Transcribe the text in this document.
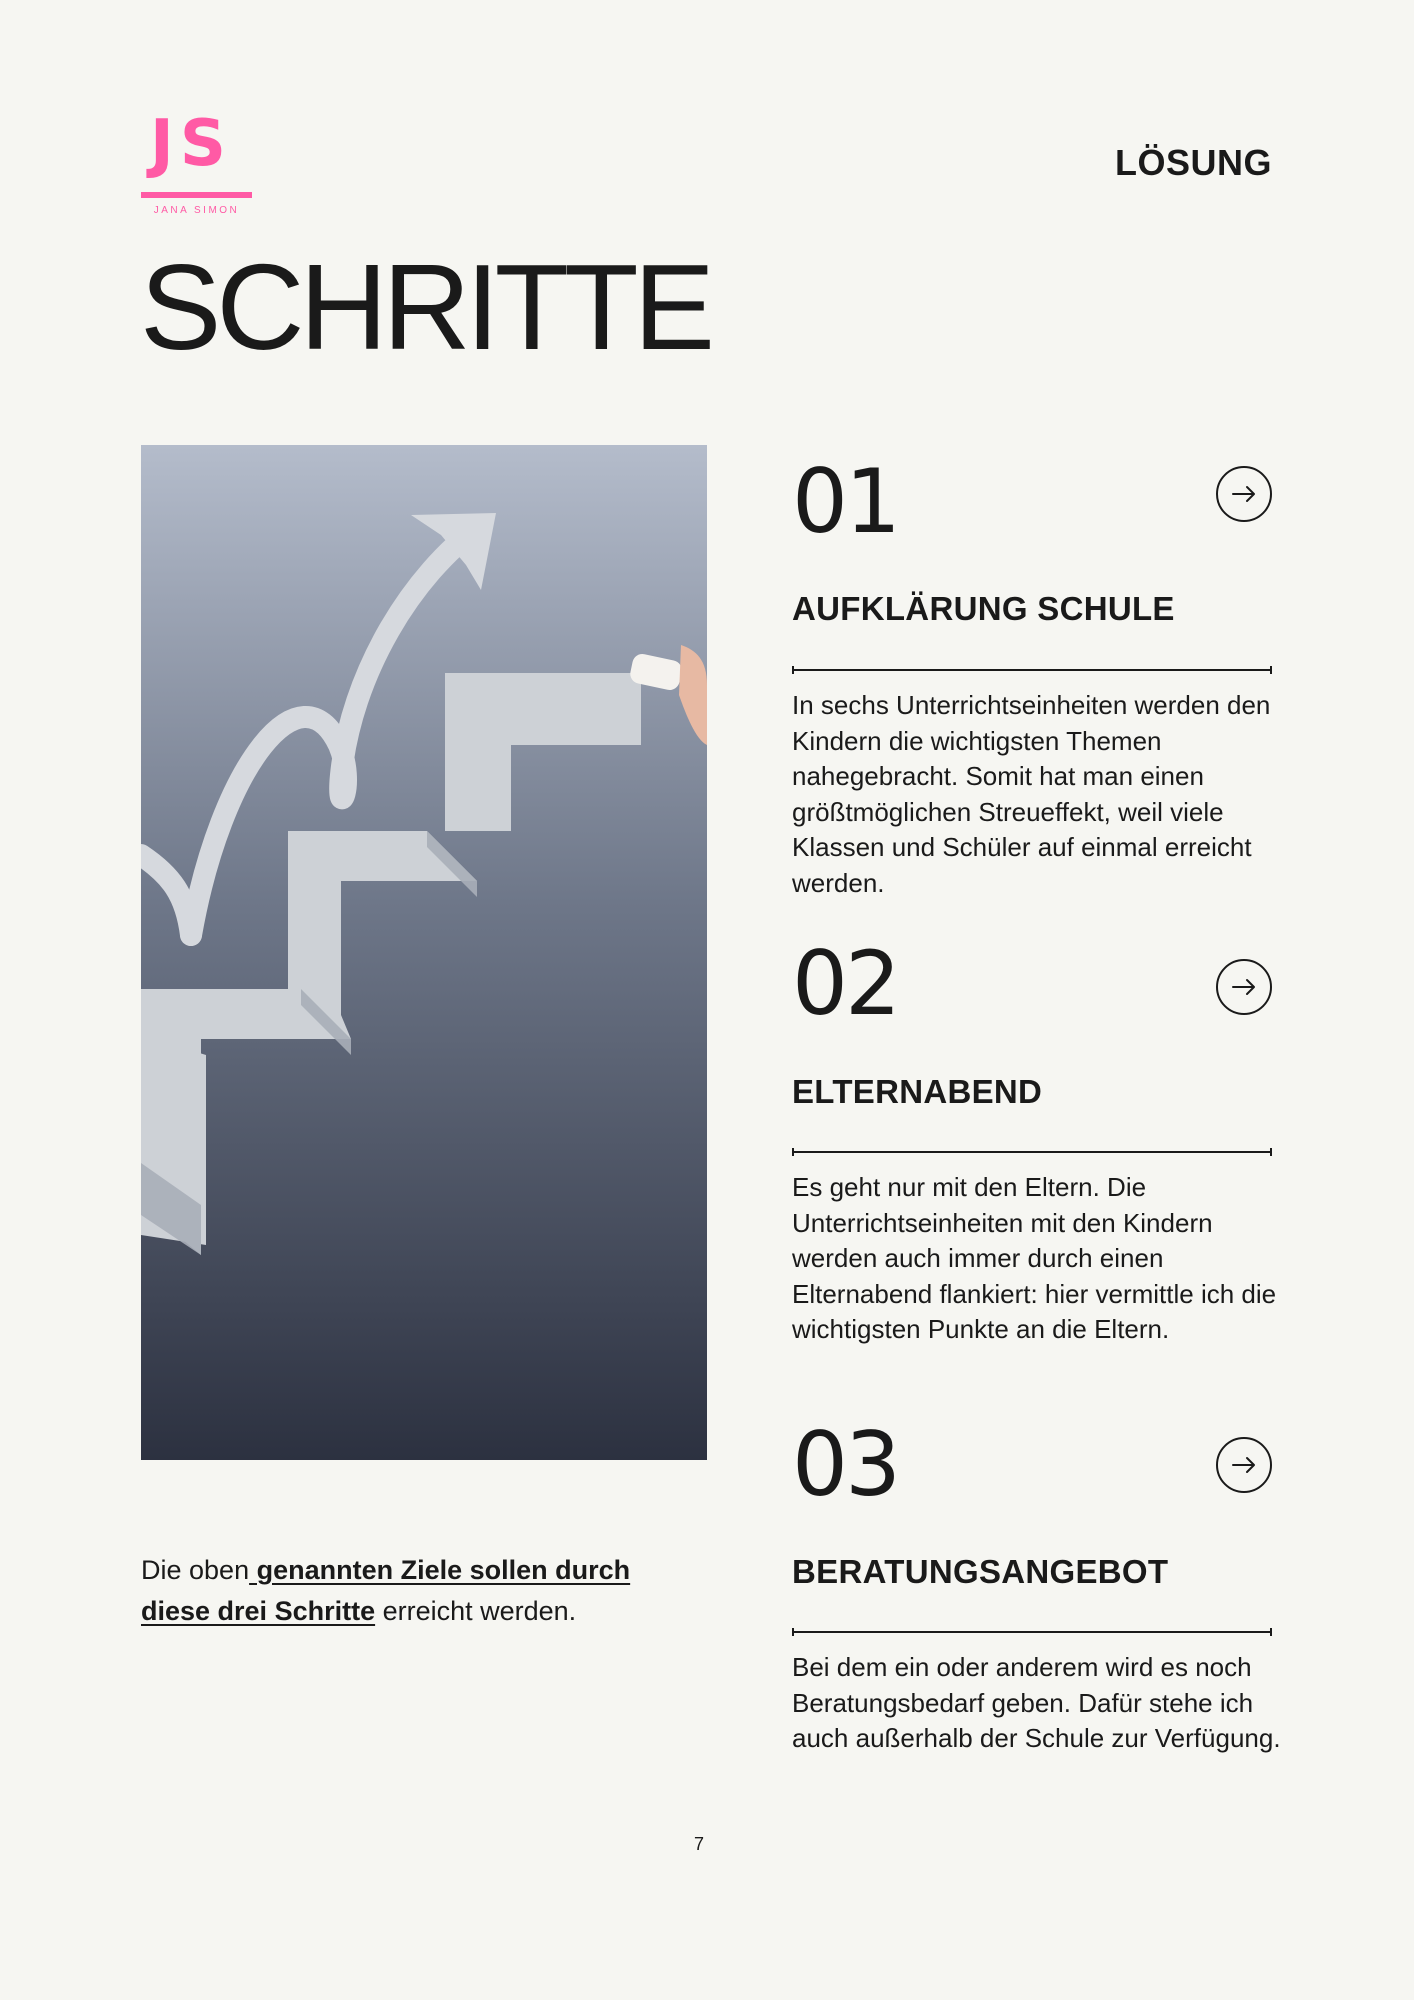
JS
JANA SIMON
LÖSUNG
SCHRITTE
Die oben genannten Ziele sollen durch diese drei Schritte erreicht werden.
01
AUFKLÄRUNG SCHULE
In sechs Unterrichtseinheiten werden den Kindern die wichtigsten Themen nahegebracht. Somit hat man einen größtmöglichen Streueffekt, weil viele Klassen und Schüler auf einmal erreicht werden.
02
ELTERNABEND
Es geht nur mit den Eltern. Die Unterrichtseinheiten mit den Kindern werden auch immer durch einen Elternabend flankiert: hier vermittle ich die wichtigsten Punkte an die Eltern.
03
BERATUNGSANGEBOT
Bei dem ein oder anderem wird es noch Beratungsbedarf geben. Dafür stehe ich auch außerhalb der Schule zur Verfügung.
7
